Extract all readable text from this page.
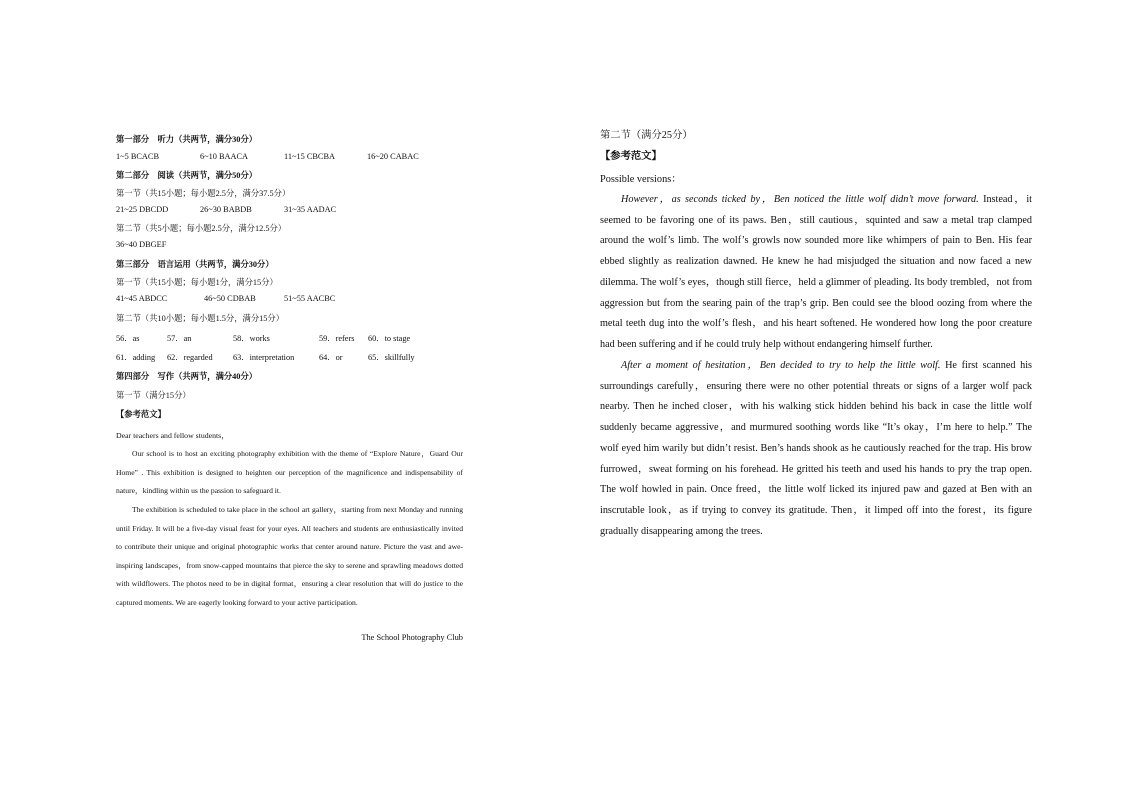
第一部分　听力（共两节，满分30分）
1~5 BCACB	6~10 BAACA	11~15 CBCBA	16~20 CABAC
第二部分　阅读（共两节，满分50分）
第一节（共15小题；每小题2.5分，满分37.5分）
21~25 DBCDD	26~30 BABDB	31~35 AADAC
第二节（共5小题；每小题2.5分，满分12.5分）
36~40 DBGEF
第三部分　语言运用（共两节，满分30分）
第一节（共15小题；每小题1分，满分15分）
41~45 ABDCC	46~50 CDBAB	51~55 AACBC
第二节（共10小题；每小题1.5分，满分15分）
56．as	57．an	58．works	59．refers 60．to stage
61．adding 62．regarded 63．interpretation	64．or	65．skillfully
第四部分　写作（共两节，满分40分）
第一节（满分15分）
【参考范文】
Dear teachers and fellow students，
Our school is to host an exciting photography exhibition with the theme of “Explore Nature，Guard Our Home” . This exhibition is designed to heighten our perception of the magnificence and indispensability of nature，kindling within us the passion to safeguard it.
The exhibition is scheduled to take place in the school art gallery，starting from next Monday and running until Friday. It will be a five-day visual feast for your eyes. All teachers and students are enthusiastically invited to contribute their unique and original photographic works that center around nature. Picture the vast and awe-inspiring landscapes，from snow-capped mountains that pierce the sky to serene and sprawling meadows dotted with wildflowers. The photos need to be in digital format，ensuring a clear resolution that will do justice to the captured moments. We are eagerly looking forward to your active participation.
The School Photography Club
第二节（满分25分）
【参考范文】
Possible versions：
However，as seconds ticked by，Ben noticed the little wolf didn’t move forward. Instead，it seemed to be favoring one of its paws. Ben，still cautious，squinted and saw a metal trap clamped around the wolf’s limb. The wolf’s growls now sounded more like whimpers of pain to Ben. His fear ebbed slightly as realization dawned. He knew he had misjudged the situation and now faced a new dilemma. The wolf’s eyes，though still fierce，held a glimmer of pleading. Its body trembled，not from aggression but from the searing pain of the trap’s grip. Ben could see the blood oozing from where the metal teeth dug into the wolf’s flesh，and his heart softened. He wondered how long the poor creature had been suffering and if he could truly help without endangering himself further.
After a moment of hesitation，Ben decided to try to help the little wolf. He first scanned his surroundings carefully，ensuring there were no other potential threats or signs of a larger wolf pack nearby. Then he inched closer，with his walking stick hidden behind his back in case the little wolf suddenly became aggressive，and murmured soothing words like “It’s okay，I’m here to help.” The wolf eyed him warily but didn’t resist. Ben’s hands shook as he cautiously reached for the trap. His brow furrowed，sweat forming on his forehead. He gritted his teeth and used his hands to pry the trap open. The wolf howled in pain. Once freed，the little wolf licked its injured paw and gazed at Ben with an inscrutable look，as if trying to convey its gratitude. Then，it limped off into the forest，its figure gradually disappearing among the trees.
